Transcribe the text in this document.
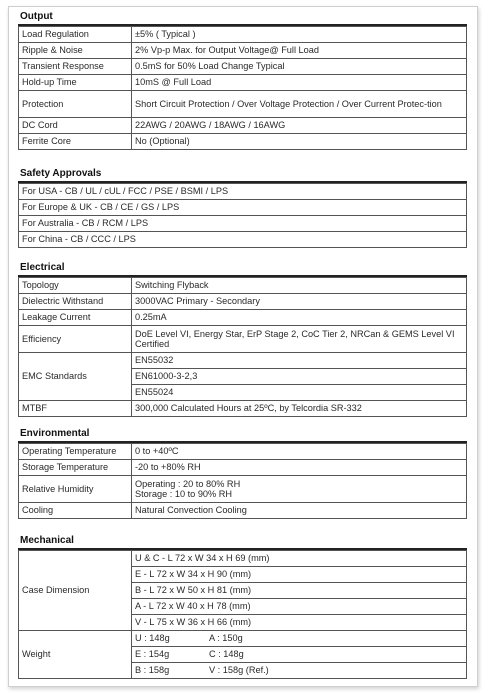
Output
Load Regulation	±5% ( Typical )
Ripple & Noise	2% Vp-p Max. for Output Voltage@ Full Load
Transient Response	0.5mS for 50% Load Change Typical
Hold-up Time	10mS @ Full Load
Protection	Short Circuit Protection / Over Voltage Protection / Over Current Protec-tion
DC Cord	22AWG / 20AWG / 18AWG / 16AWG
Ferrite Core	No (Optional)
Safety Approvals
For USA - CB / UL / cUL / FCC / PSE / BSMI / LPS
For Europe & UK - CB / CE / GS / LPS
For Australia - CB / RCM / LPS
For China - CB / CCC / LPS
Electrical
Topology	Switching Flyback
Dielectric Withstand	3000VAC Primary - Secondary
Leakage Current	0.25mA
Efficiency	DoE Level VI, Energy Star, ErP Stage 2, CoC Tier 2, NRCan & GEMS Level VI Certified
EMC Standards	EN55032
	EN61000-3-2,3
	EN55024
MTBF	300,000 Calculated Hours at 25ºC, by Telcordia SR-332
Environmental
Operating Temperature	0 to +40ºC
Storage Temperature	-20 to +80% RH
Relative Humidity	Operating : 20 to 80% RH
Storage : 10 to 90% RH

Cooling	Natural Convection Cooling
Mechanical
Case Dimension	U & C - L 72 x W 34 x H 69 (mm)
	E - L 72 x W 34 x H 90 (mm)
	B - L 72 x W 50 x H 81 (mm)
	A - L 72 x W 40 x H 78 (mm)
	V - L 75 x W 36 x H 66 (mm)
Weight	U : 148g A : 150g

	E : 154g C : 148g

	B : 158g V : 158g (Ref.)
